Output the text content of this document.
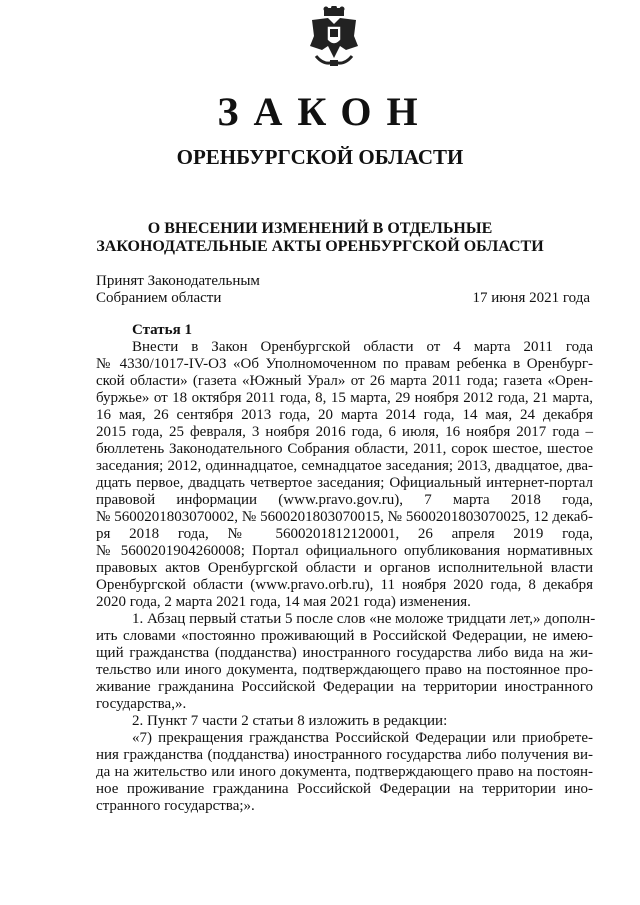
ЗАКОН
ОРЕНБУРГСКОЙ ОБЛАСТИ
О ВНЕСЕНИИ ИЗМЕНЕНИЙ В ОТДЕЛЬНЫЕ
ЗАКОНОДАТЕЛЬНЫЕ АКТЫ ОРЕНБУРГСКОЙ ОБЛАСТИ
Принят Законодательным
Собранием области	17 июня 2021 года
Статья 1
Внести в Закон Оренбургской области от 4 марта 2011 года
№ 4330/1017-IV-ОЗ «Об Уполномоченном по правам ребенка в Оренбург-
ской области» (газета «Южный Урал» от 26 марта 2011 года; газета «Орен-
буржье» от 18 октября 2011 года, 8, 15 марта, 29 ноября 2012 года, 21 марта,
16 мая, 26 сентября 2013 года, 20 марта 2014 года, 14 мая, 24 декабря
2015 года, 25 февраля, 3 ноября 2016 года, 6 июля, 16 ноября 2017 года –
бюллетень Законодательного Собрания области, 2011, сорок шестое, шестое
заседания; 2012, одиннадцатое, семнадцатое заседания; 2013, двадцатое, два-
дцать первое, двадцать четвертое заседания; Официальный интернет-портал
правовой информации (www.pravo.gov.ru), 7 марта 2018 года,
№ 5600201803070002, № 5600201803070015, № 5600201803070025, 12 декаб-
ря 2018 года, № 5600201812120001, 26 апреля 2019 года,
№ 5600201904260008; Портал официального опубликования нормативных
правовых актов Оренбургской области и органов исполнительной власти
Оренбургской области (www.pravo.orb.ru), 11 ноября 2020 года, 8 декабря
2020 года, 2 марта 2021 года, 14 мая 2021 года) изменения.
1. Абзац первый статьи 5 после слов «не моложе тридцати лет,» дополн-
ить словами «постоянно проживающий в Российской Федерации, не имею-
щий гражданства (подданства) иностранного государства либо вида на жи-
тельство или иного документа, подтверждающего право на постоянное про-
живание гражданина Российской Федерации на территории иностранного
государства,».
2. Пункт 7 части 2 статьи 8 изложить в редакции:
«7) прекращения гражданства Российской Федерации или приобрете-
ния гражданства (подданства) иностранного государства либо получения ви-
да на жительство или иного документа, подтверждающего право на постоян-
ное проживание гражданина Российской Федерации на территории ино-
странного государства;».
